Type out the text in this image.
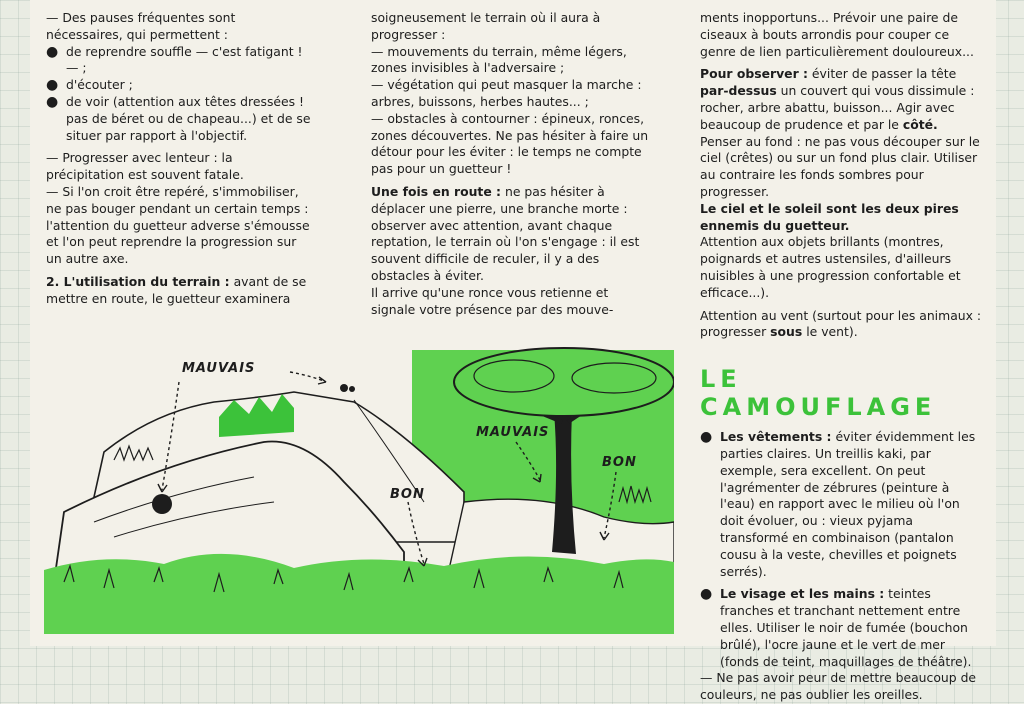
— Des pauses fréquentes sont nécessaires, qui permettent :

● de reprendre souffle — c'est fatigant ! — ;
● d'écouter ;
● de voir (attention aux têtes dressées ! pas de béret ou de chapeau...) et de se situer par rapport à l'objectif.

— Progresser avec lenteur : la précipitation est souvent fatale.

— Si l'on croit être repéré, s'immobiliser, ne pas bouger pendant un certain temps : l'attention du guetteur adverse s'émousse et l'on peut reprendre la progression sur un autre axe.

2. L'utilisation du terrain : avant de se mettre en route, le guetteur examinera

soigneusement le terrain où il aura à progresser :

— mouvements du terrain, même légers, zones invisibles à l'adversaire ;

— végétation qui peut masquer la marche : arbres, buissons, herbes hautes... ;

— obstacles à contourner : épineux, ronces, zones découvertes. Ne pas hésiter à faire un détour pour les éviter : le temps ne compte pas pour un guetteur !

Une fois en route : ne pas hésiter à déplacer une pierre, une branche morte : observer avec attention, avant chaque reptation, le terrain où l'on s'engage : il est souvent difficile de reculer, il y a des obstacles à éviter.

Il arrive qu'une ronce vous retienne et signale votre présence par des mouve-

ments inopportuns... Prévoir une paire de ciseaux à bouts arrondis pour couper ce genre de lien particulièrement douloureux...

Pour observer : éviter de passer la tête par-dessus un couvert qui vous dissimule : rocher, arbre abattu, buisson... Agir avec beaucoup de prudence et par le côté. Penser au fond : ne pas vous découper sur le ciel (crêtes) ou sur un fond plus clair. Utiliser au contraire les fonds sombres pour progresser.

Le ciel et le soleil sont les deux pires ennemis du guetteur.

Attention aux objets brillants (montres, poignards et autres ustensiles, d'ailleurs nuisibles à une progression confortable et efficace...).

Attention au vent (surtout pour les animaux : progresser sous le vent).

LE CAMOUFLAGE
● Les vêtements : éviter évidemment les parties claires. Un treillis kaki, par exemple, sera excellent. On peut l'agrémenter de zébrures (peinture à l'eau) en rapport avec le milieu où l'on doit évoluer, ou : vieux pyjama transformé en combinaison (pantalon cousu à la veste, chevilles et poignets serrés).
● Le visage et les mains : teintes franches et tranchant nettement entre elles. Utiliser le noir de fumée (bouchon brûlé), l'ocre jaune et le vert de mer (fonds de teint, maquillages de théâtre).

— Ne pas avoir peur de mettre beaucoup de couleurs, ne pas oublier les oreilles.

MAUVAIS
MAUVAIS
BON
BON
